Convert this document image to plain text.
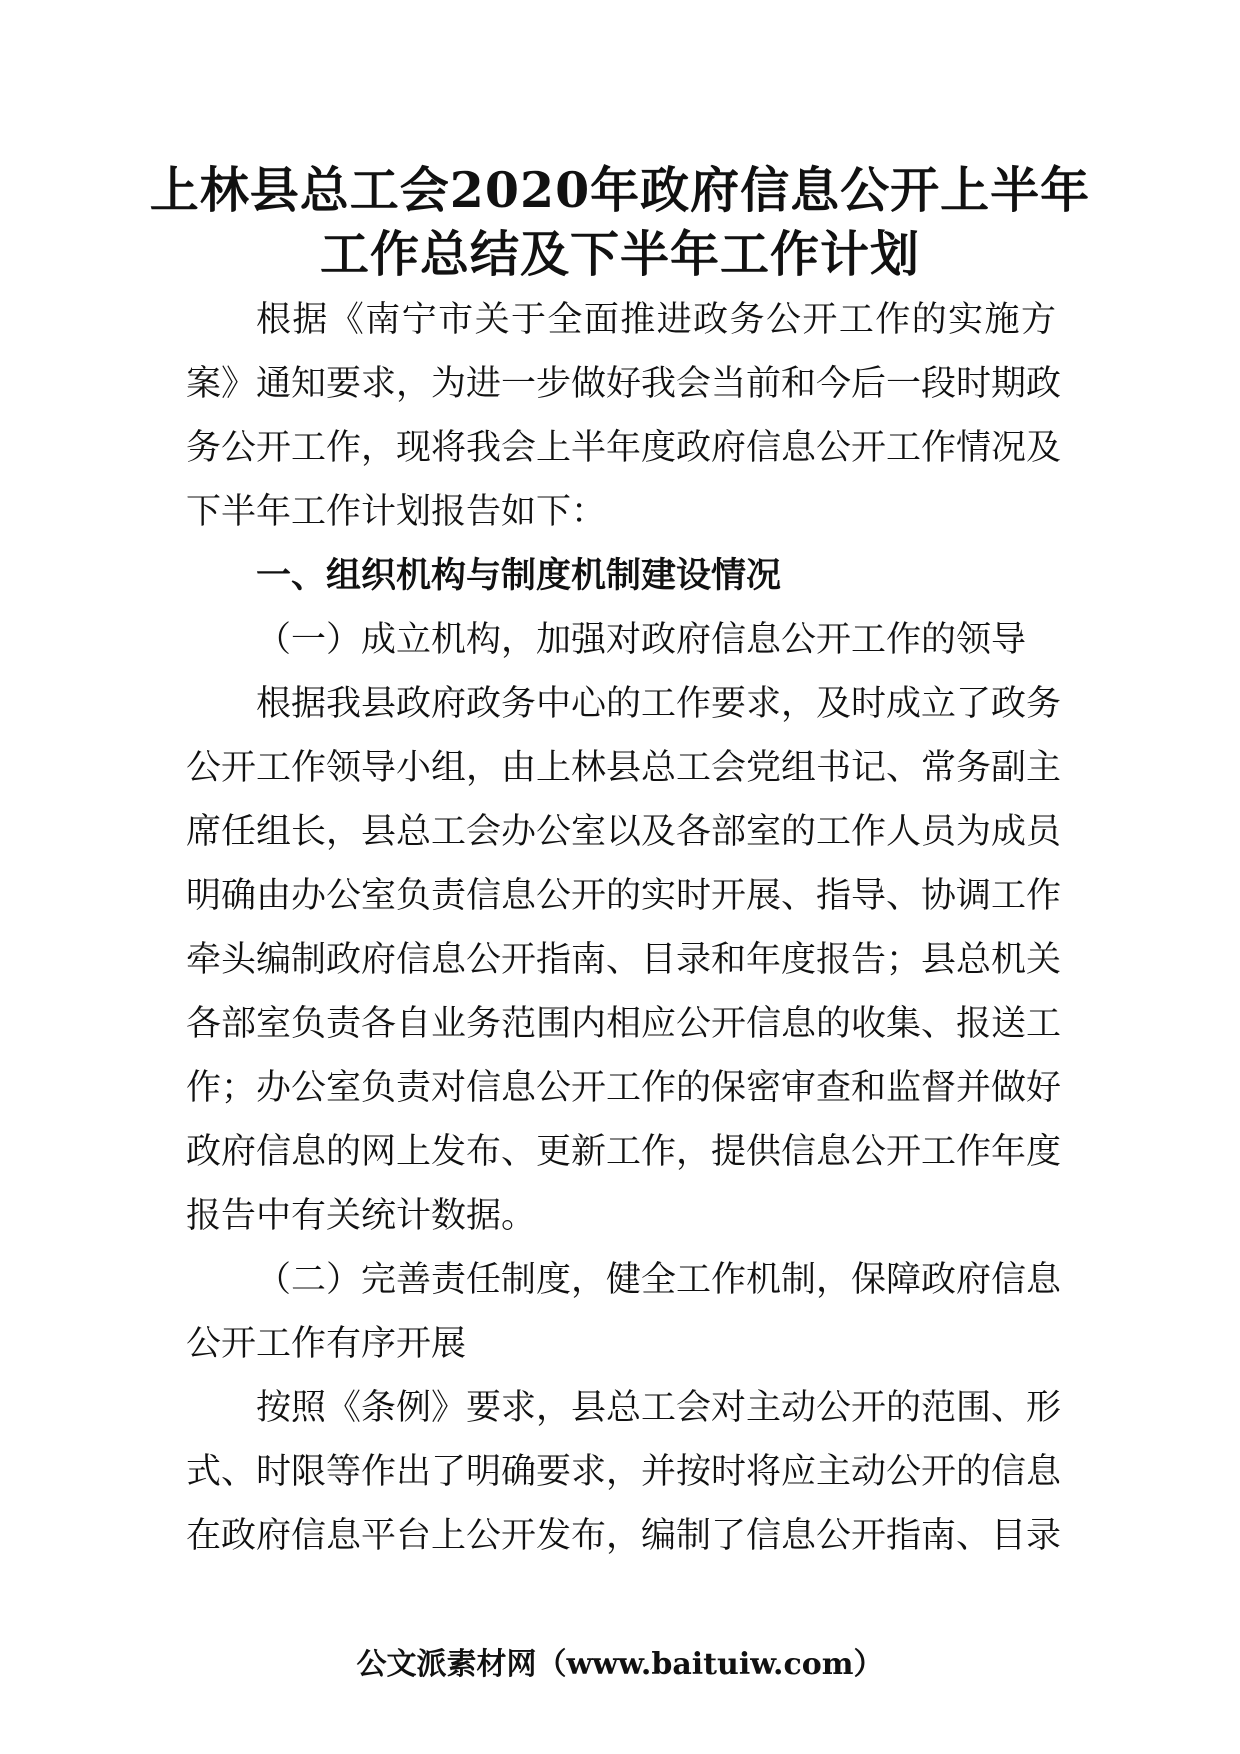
上林县总工会2020年政府信息公开上半年
工作总结及下半年工作计划
根据《南宁市关于全面推进政务公开工作的实施方
案》通知要求，为进一步做好我会当前和今后一段时期政
务公开工作，现将我会上半年度政府信息公开工作情况及
下半年工作计划报告如下：
一、组织机构与制度机制建设情况
（一）成立机构，加强对政府信息公开工作的领导
根据我县政府政务中心的工作要求，及时成立了政务
公开工作领导小组，由上林县总工会党组书记、常务副主
席任组长，县总工会办公室以及各部室的工作人员为成员
明确由办公室负责信息公开的实时开展、指导、协调工作
牵头编制政府信息公开指南、目录和年度报告；县总机关
各部室负责各自业务范围内相应公开信息的收集、报送工
作；办公室负责对信息公开工作的保密审查和监督并做好
政府信息的网上发布、更新工作，提供信息公开工作年度
报告中有关统计数据。
（二）完善责任制度，健全工作机制，保障政府信息
公开工作有序开展
按照《条例》要求，县总工会对主动公开的范围、形
式、时限等作出了明确要求，并按时将应主动公开的信息
在政府信息平台上公开发布，编制了信息公开指南、目录
公文派素材网（www.baituiw.com）
